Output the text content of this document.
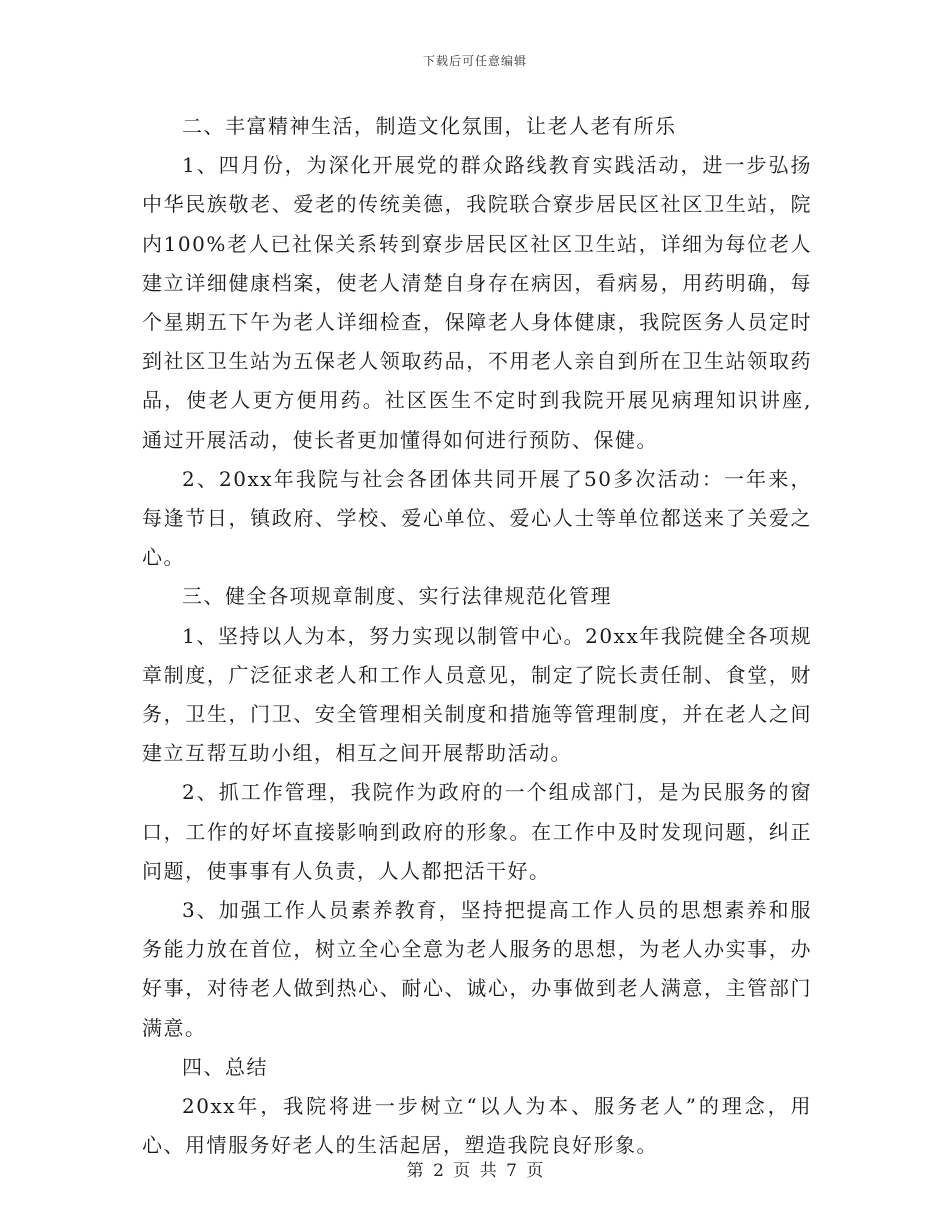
下载后可任意编辑

二、丰富精神生活，制造文化氛围，让老人老有所乐

1、四月份，为深化开展党的群众路线教育实践活动，进一步弘扬中华民族敬老、爱老的传统美德，我院联合寮步居民区社区卫生站，院内100%老人已社保关系转到寮步居民区社区卫生站，详细为每位老人建立详细健康档案，使老人清楚自身存在病因，看病易，用药明确，每个星期五下午为老人详细检查，保障老人身体健康，我院医务人员定时到社区卫生站为五保老人领取药品，不用老人亲自到所在卫生站领取药品，使老人更方便用药。社区医生不定时到我院开展见病理知识讲座,通过开展活动，使长者更加懂得如何进行预防、保健。

2、20xx年我院与社会各团体共同开展了50多次活动：一年来，每逢节日，镇政府、学校、爱心单位、爱心人士等单位都送来了关爱之心。

三、健全各项规章制度、实行法律规范化管理

1、坚持以人为本，努力实现以制管中心。20xx年我院健全各项规章制度，广泛征求老人和工作人员意见，制定了院长责任制、食堂，财务，卫生，门卫、安全管理相关制度和措施等管理制度，并在老人之间建立互帮互助小组，相互之间开展帮助活动。

2、抓工作管理，我院作为政府的一个组成部门，是为民服务的窗口，工作的好坏直接影响到政府的形象。在工作中及时发现问题，纠正问题，使事事有人负责，人人都把活干好。

3、加强工作人员素养教育，坚持把提高工作人员的思想素养和服务能力放在首位，树立全心全意为老人服务的思想，为老人办实事，办好事，对待老人做到热心、耐心、诚心，办事做到老人满意，主管部门满意。

四、总结

20xx年，我院将进一步树立“以人为本、服务老人”的理念，用心、用情服务好老人的生活起居，塑造我院良好形象。

第 2 页 共 7 页
